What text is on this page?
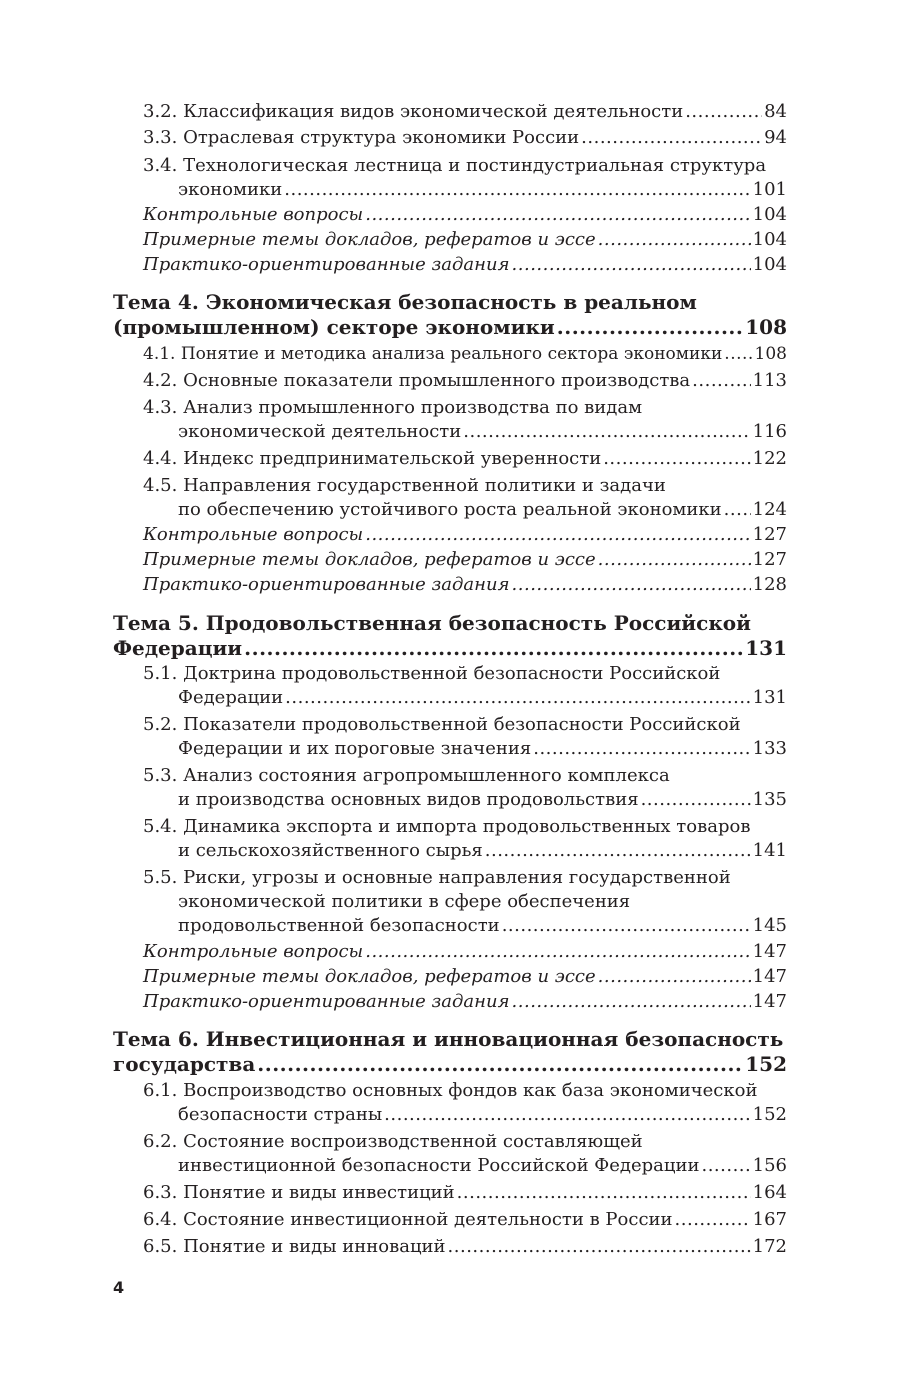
3.2. Классификация видов экономической деятельности .....	84
3.3. Отраслевая структура экономики России .....	94
3.4. Технологическая лестница и постиндустриальная структура
экономики .....	101
Контрольные вопросы .....	104
Примерные темы докладов, рефератов и эссе .....	104
Практико-ориентированные задания .....	104
Тема 4. Экономическая безопасность в реальном
(промышленном) секторе экономики .....	108
4.1. Понятие и методика анализа реального сектора экономики ..... 108
4.2. Основные показатели промышленного производства .....	113
4.3. Анализ промышленного производства по видам
экономической деятельности .....	116
4.4. Индекс предпринимательской уверенности .....	122
4.5. Направления государственной политики и задачи
по обеспечению устойчивого роста реальной экономики ..... 124
Контрольные вопросы .....	127
Примерные темы докладов, рефератов и эссе .....	127
Практико-ориентированные задания .....	128
Тема 5. Продовольственная безопасность Российской
Федерации .....	131
5.1. Доктрина продовольственной безопасности Российской
Федерации .....	131
5.2. Показатели продовольственной безопасности Российской
Федерации и их пороговые значения .....	133
5.3. Анализ состояния агропромышленного комплекса
и производства основных видов продовольствия .....	135
5.4. Динамика экспорта и импорта продовольственных товаров
и сельскохозяйственного сырья .....	141
5.5. Риски, угрозы и основные направления государственной
экономической политики в сфере обеспечения
продовольственной безопасности .....	145
Контрольные вопросы .....	147
Примерные темы докладов, рефератов и эссе .....	147
Практико-ориентированные задания .....	147
Тема 6. Инвестиционная и инновационная безопасность
государства .....	152
6.1. Воспроизводство основных фондов как база экономической
безопасности страны .....	152
6.2. Состояние воспроизводственной составляющей
инвестиционной безопасности Российской Федерации .....	156
6.3. Понятие и виды инвестиций .....	164
6.4. Состояние инвестиционной деятельности в России .....	167
6.5. Понятие и виды инноваций .....	172
4
